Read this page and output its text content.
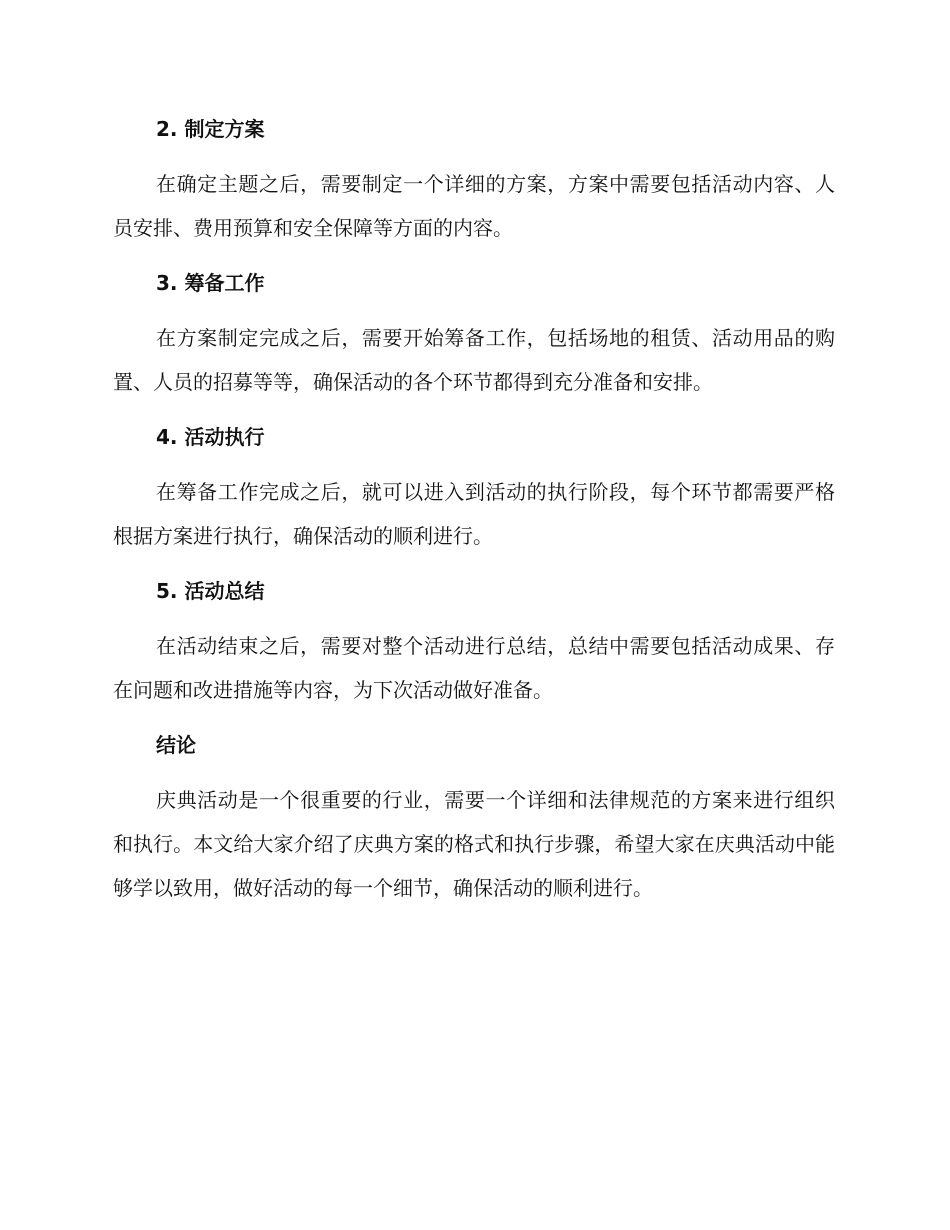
2. 制定方案

在确定主题之后，需要制定一个详细的方案，方案中需要包括活动内容、人员安排、费用预算和安全保障等方面的内容。

3. 筹备工作

在方案制定完成之后，需要开始筹备工作，包括场地的租赁、活动用品的购置、人员的招募等等，确保活动的各个环节都得到充分准备和安排。

4. 活动执行

在筹备工作完成之后，就可以进入到活动的执行阶段，每个环节都需要严格根据方案进行执行，确保活动的顺利进行。

5. 活动总结

在活动结束之后，需要对整个活动进行总结，总结中需要包括活动成果、存在问题和改进措施等内容，为下次活动做好准备。

结论

庆典活动是一个很重要的行业，需要一个详细和法律规范的方案来进行组织和执行。本文给大家介绍了庆典方案的格式和执行步骤，希望大家在庆典活动中能够学以致用，做好活动的每一个细节，确保活动的顺利进行。
